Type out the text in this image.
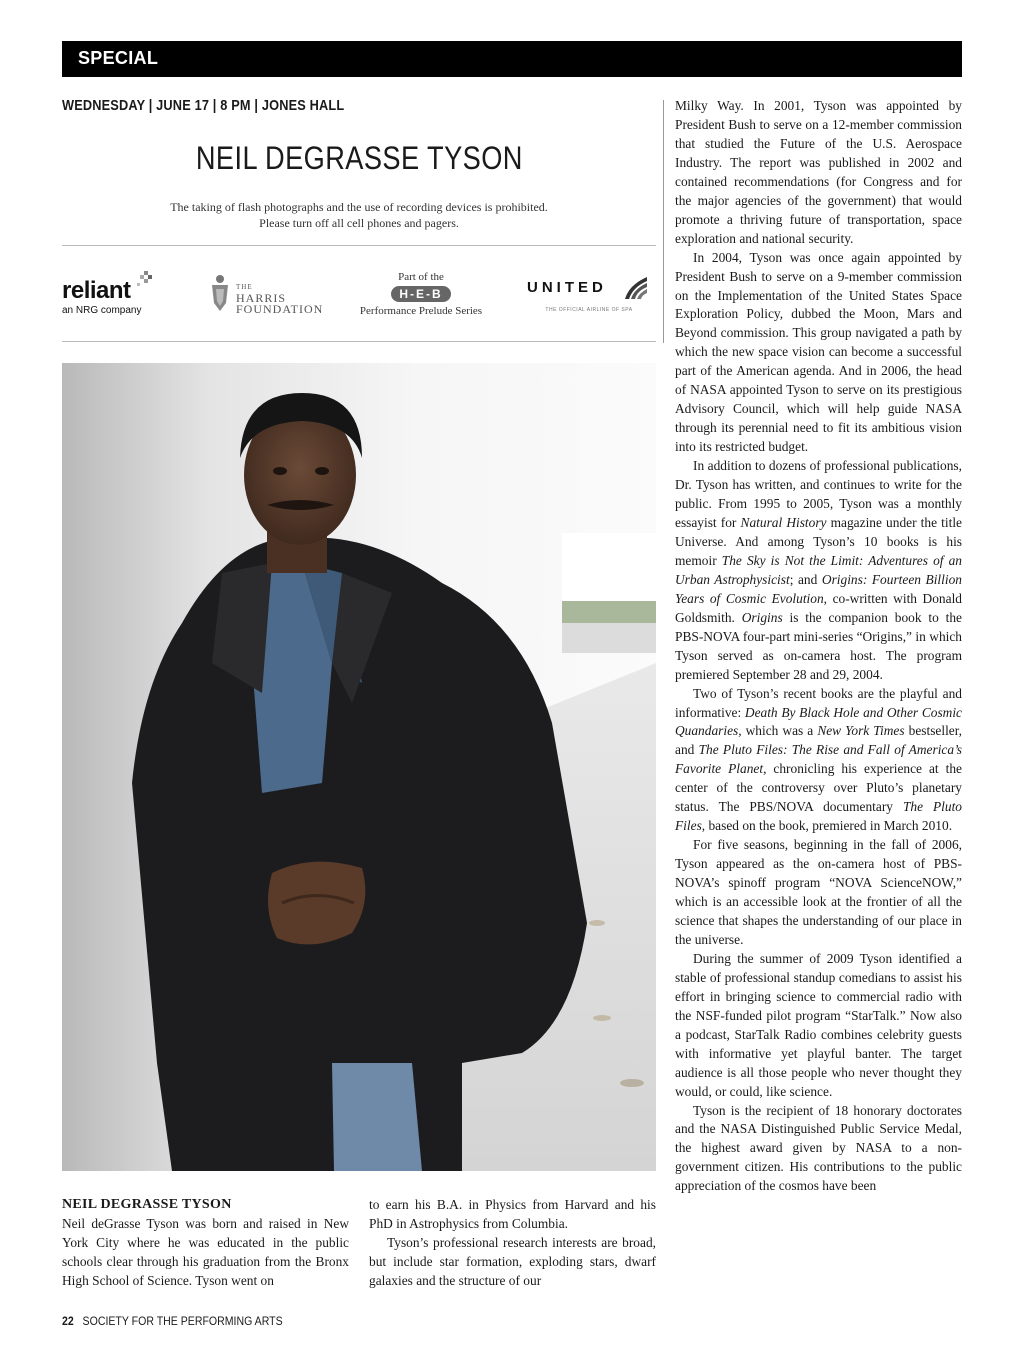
SPECIAL
WEDNESDAY | JUNE 17 | 8 PM | JONES HALL
NEIL DEGRASSE TYSON
The taking of flash photographs and the use of recording devices is prohibited.
Please turn off all cell phones and pagers.
reliant
an NRG company
THE
HARRIS
FOUNDATION
Part of the
H-E-B
Performance Prelude Series
UNITED
THE OFFICIAL AIRLINE OF SPA

NEIL DEGRASSE TYSON

Neil deGrasse Tyson was born and raised in New York City where he was educated in the public schools clear through his graduation from the Bronx High School of Science. Tyson went on

to earn his B.A. in Physics from Harvard and his PhD in Astrophysics from Columbia.

Tyson’s professional research interests are broad, but include star formation, exploding stars, dwarf galaxies and the structure of our

Milky Way. In 2001, Tyson was appointed by President Bush to serve on a 12-member commission that studied the Future of the U.S. Aerospace Industry. The report was published in 2002 and contained recommendations (for Congress and for the major agencies of the government) that would promote a thriving future of transportation, space exploration and national security.

In 2004, Tyson was once again appointed by President Bush to serve on a 9-member commission on the Implementation of the United States Space Exploration Policy, dubbed the Moon, Mars and Beyond commission. This group navigated a path by which the new space vision can become a successful part of the American agenda. And in 2006, the head of NASA appointed Tyson to serve on its prestigious Advisory Council, which will help guide NASA through its perennial need to fit its ambitious vision into its restricted budget.

In addition to dozens of professional publications, Dr. Tyson has written, and continues to write for the public. From 1995 to 2005, Tyson was a monthly essayist for Natural History magazine under the title Universe. And among Tyson’s 10 books is his memoir The Sky is Not the Limit: Adventures of an Urban Astrophysicist; and Origins: Fourteen Billion Years of Cosmic Evolution, co-written with Donald Goldsmith. Origins is the companion book to the PBS-NOVA four-part mini-series “Origins,” in which Tyson served as on-camera host. The program premiered September 28 and 29, 2004.

Two of Tyson’s recent books are the playful and informative: Death By Black Hole and Other Cosmic Quandaries, which was a New York Times bestseller, and The Pluto Files: The Rise and Fall of America’s Favorite Planet, chronicling his experience at the center of the controversy over Pluto’s planetary status. The PBS/NOVA documentary The Pluto Files, based on the book, premiered in March 2010.

For five seasons, beginning in the fall of 2006, Tyson appeared as the on-camera host of PBS-NOVA’s spinoff program “NOVA ScienceNOW,” which is an accessible look at the frontier of all the science that shapes the understanding of our place in the universe.

During the summer of 2009 Tyson identified a stable of professional standup comedians to assist his effort in bringing science to commercial radio with the NSF-funded pilot program “StarTalk.” Now also a podcast, StarTalk Radio combines celebrity guests with informative yet playful banter. The target audience is all those people who never thought they would, or could, like science.

Tyson is the recipient of 18 honorary doctorates and the NASA Distinguished Public Service Medal, the highest award given by NASA to a non-government citizen. His contributions to the public appreciation of the cosmos have been

22 SOCIETY FOR THE PERFORMING ARTS
